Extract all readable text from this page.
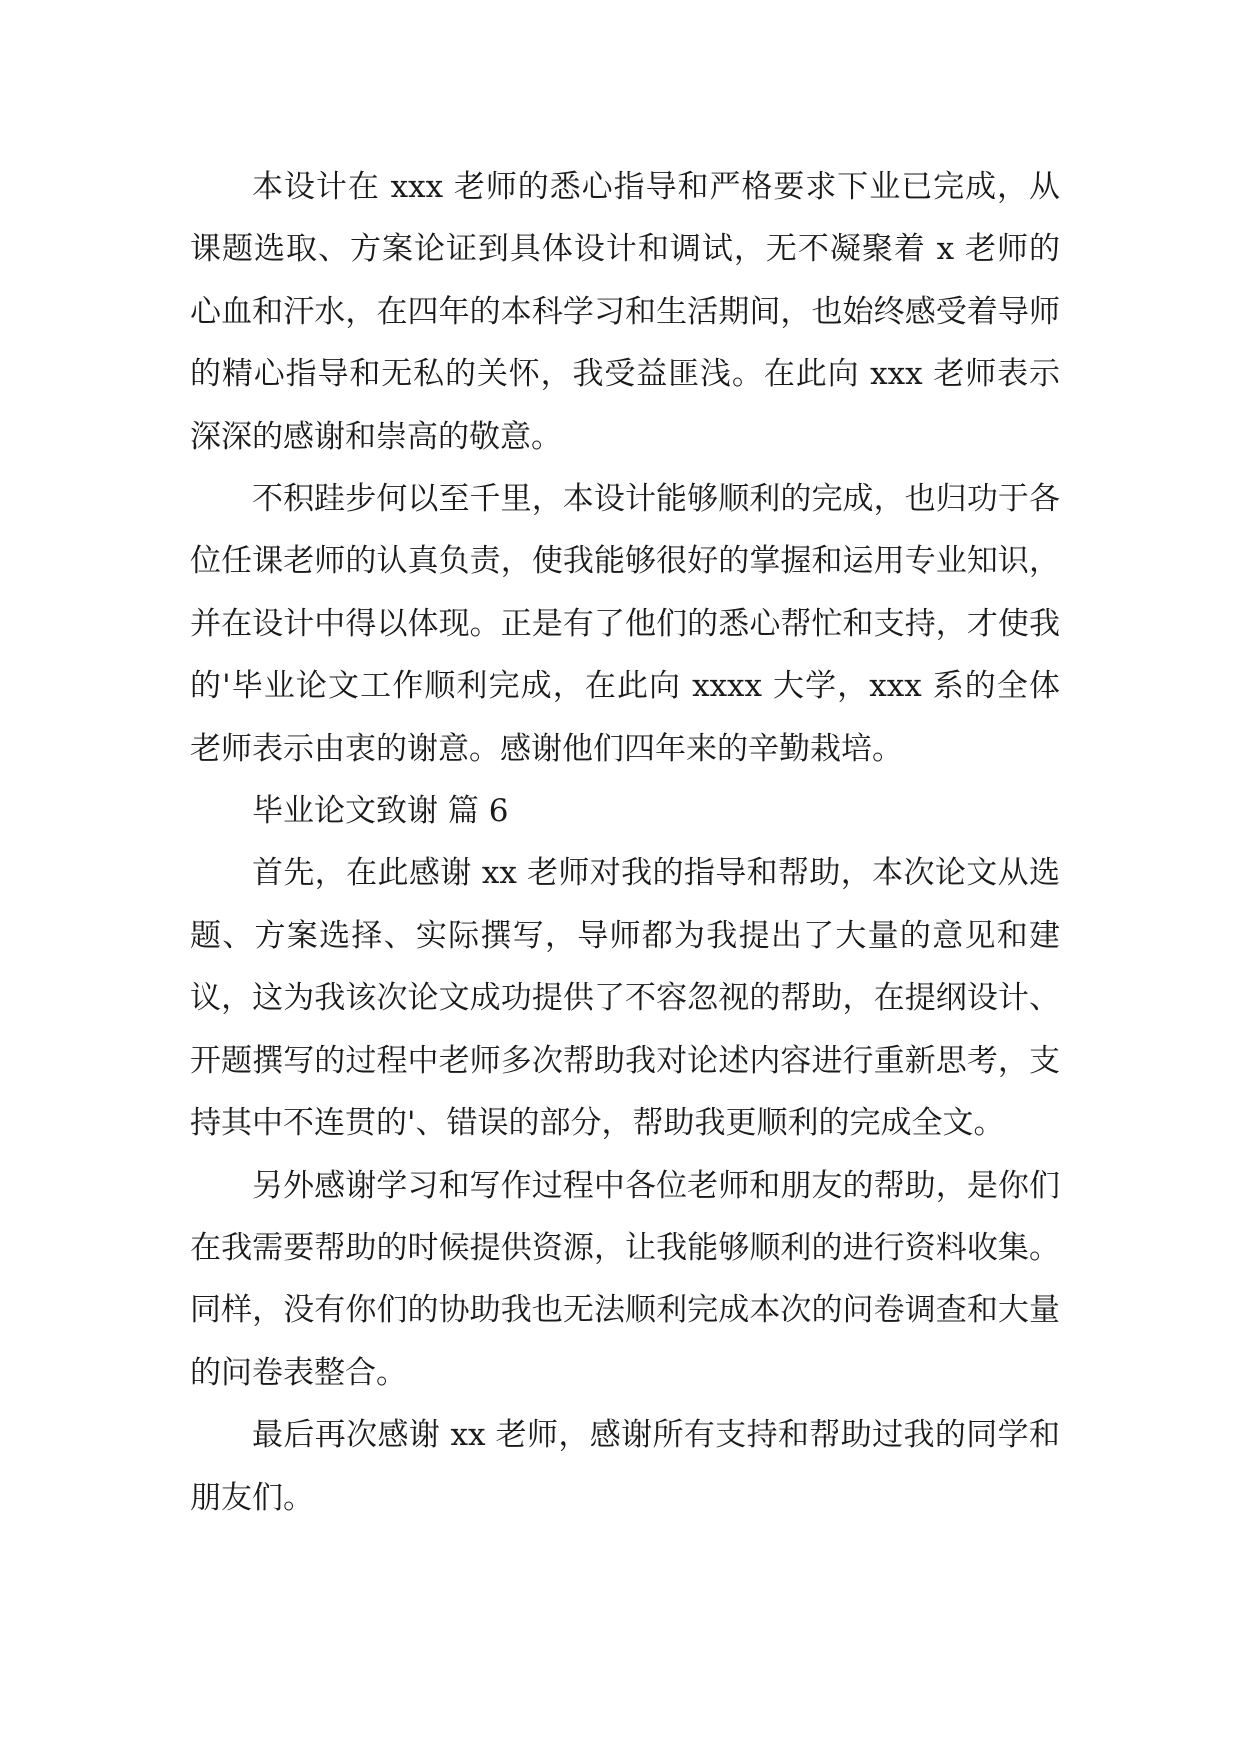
本设计在 xxx 老师的悉心指导和严格要求下业已完成，从课题选取、方案论证到具体设计和调试，无不凝聚着 x 老师的心血和汗水，在四年的本科学习和生活期间，也始终感受着导师的精心指导和无私的关怀，我受益匪浅。在此向 xxx 老师表示深深的感谢和崇高的敬意。

不积跬步何以至千里，本设计能够顺利的完成，也归功于各位任课老师的认真负责，使我能够很好的掌握和运用专业知识，并在设计中得以体现。正是有了他们的悉心帮忙和支持，才使我的'毕业论文工作顺利完成，在此向 xxxx 大学，xxx 系的全体老师表示由衷的谢意。感谢他们四年来的辛勤栽培。

毕业论文致谢 篇 6

首先，在此感谢 xx 老师对我的指导和帮助，本次论文从选题、方案选择、实际撰写，导师都为我提出了大量的意见和建议，这为我该次论文成功提供了不容忽视的帮助，在提纲设计、开题撰写的过程中老师多次帮助我对论述内容进行重新思考，支持其中不连贯的'、错误的部分，帮助我更顺利的完成全文。

另外感谢学习和写作过程中各位老师和朋友的帮助，是你们在我需要帮助的时候提供资源，让我能够顺利的进行资料收集。同样，没有你们的协助我也无法顺利完成本次的问卷调查和大量的问卷表整合。

最后再次感谢 xx 老师，感谢所有支持和帮助过我的同学和朋友们。
